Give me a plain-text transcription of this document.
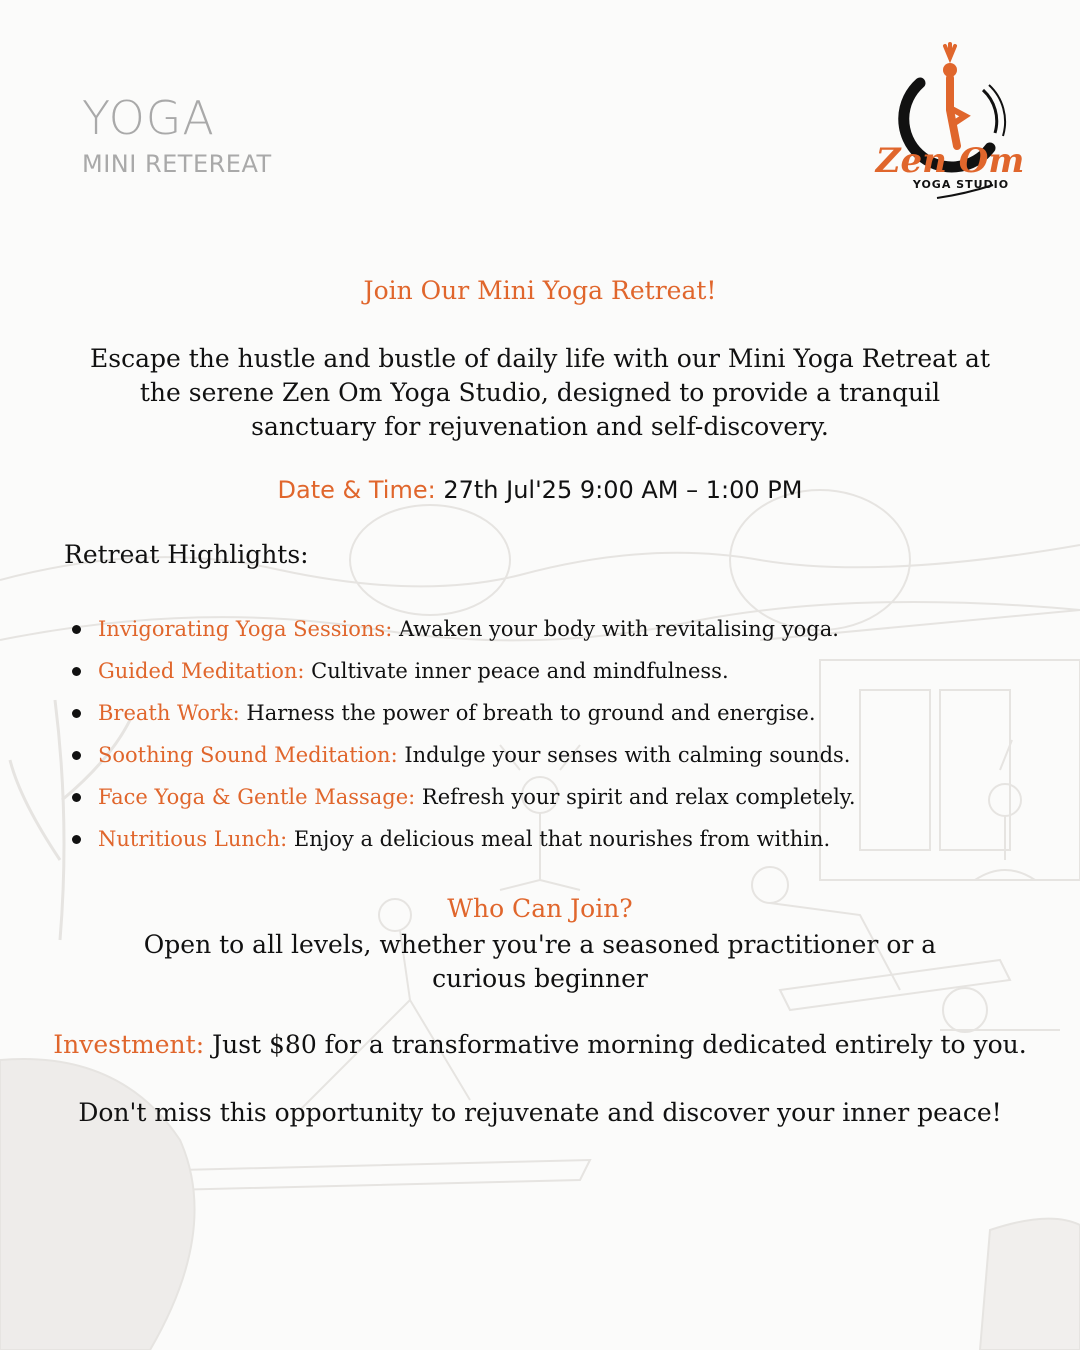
YOGA
MINI RETEREAT	Zen Om
YOGA STUDIO
Join Our Mini Yoga Retreat!
Escape the hustle and bustle of daily life with our Mini Yoga Retreat at the serene Zen Om Yoga Studio, designed to provide a tranquil sanctuary for rejuvenation and self-discovery.
Date & Time: 27th Jul'25 9:00 AM – 1:00 PM
Retreat Highlights:
Invigorating Yoga Sessions: Awaken your body with revitalising yoga.
Guided Meditation: Cultivate inner peace and mindfulness.
Breath Work: Harness the power of breath to ground and energise.
Soothing Sound Meditation: Indulge your senses with calming sounds.
Face Yoga & Gentle Massage: Refresh your spirit and relax completely.
Nutritious Lunch: Enjoy a delicious meal that nourishes from within.
Who Can Join?
Open to all levels, whether you're a seasoned practitioner or a curious beginner
Investment: Just $80 for a transformative morning dedicated entirely to you.
Don't miss this opportunity to rejuvenate and discover your inner peace!
